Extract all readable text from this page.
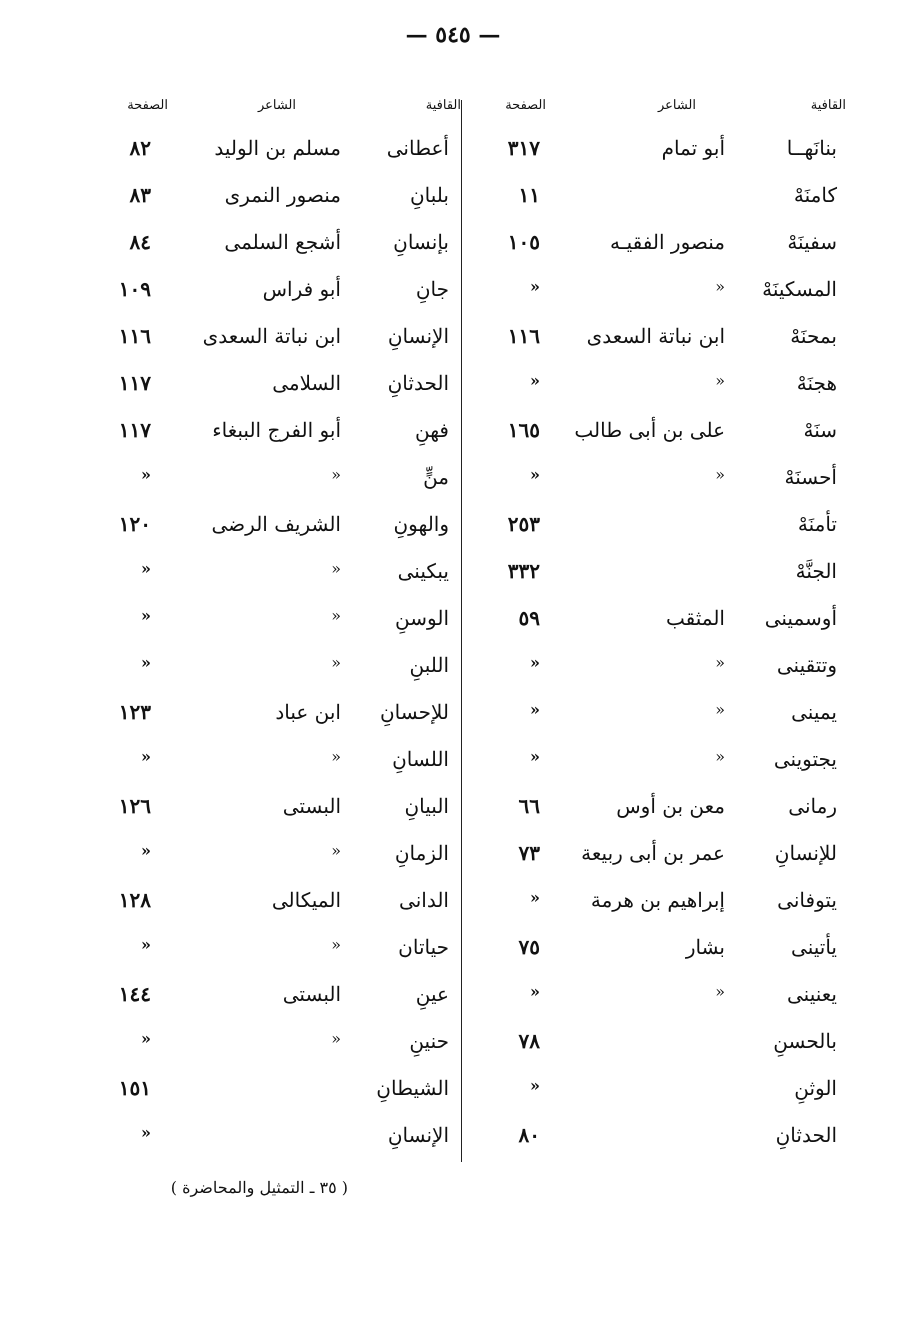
— ٥٤٥ —
القافية
الشاعر
الصفحة
القافية
الشاعر
الصفحة
بنانَهــا
أبو تمام
٣١٧
كامنَهْ
١١
سفينَهْ
منصور الفقيـه
١٠٥
المسكينَهْ
«
«
بمحنَهْ
ابن نباتة السعدى
١١٦
هجنَهْ
«
«
سنَهْ
على بن أبى طالب
١٦٥
أحسنَهْ
«
«
تأمنَهْ
٢٥٣
الجنَّهْ
٣٣٢
أوسمينى
المثقب
٥٩
وتتقينى
«
«
يمينى
«
«
يجتوينى
«
«
رمانى
معن بن أوس
٦٦
للإنسانِ
عمر بن أبى ربيعة
٧٣
يتوفانى
إبراهيم بن هرمة
«
يأتينى
بشار
٧٥
يعنينى
«
«
بالحسنِ
٧٨
الوثنِ
«
الحدثانِ
٨٠
أعطانى
مسلم بن الوليد
٨٢
بلبانِ
منصور النمرى
٨٣
بإنسانِ
أشجع السلمى
٨٤
جانِ
أبو فراس
١٠٩
الإنسانِ
ابن نباتة السعدى
١١٦
الحدثانِ
السلامى
١١٧
فهنِ
أبو الفرج الببغاء
١١٧
منٍّ
«
«
والهونِ
الشريف الرضى
١٢٠
يبكينى
«
«
الوسنِ
«
«
اللبنِ
«
«
للإحسانِ
ابن عباد
١٢٣
اللسانِ
«
«
البيانِ
البستى
١٢٦
الزمانِ
«
«
الدانى
الميكالى
١٢٨
حياتان
«
«
عينِ
البستى
١٤٤
حنينِ
«
«
الشيطانِ
١٥١
الإنسانِ
«
( ٣٥ ـ التمثيل والمحاضرة )
